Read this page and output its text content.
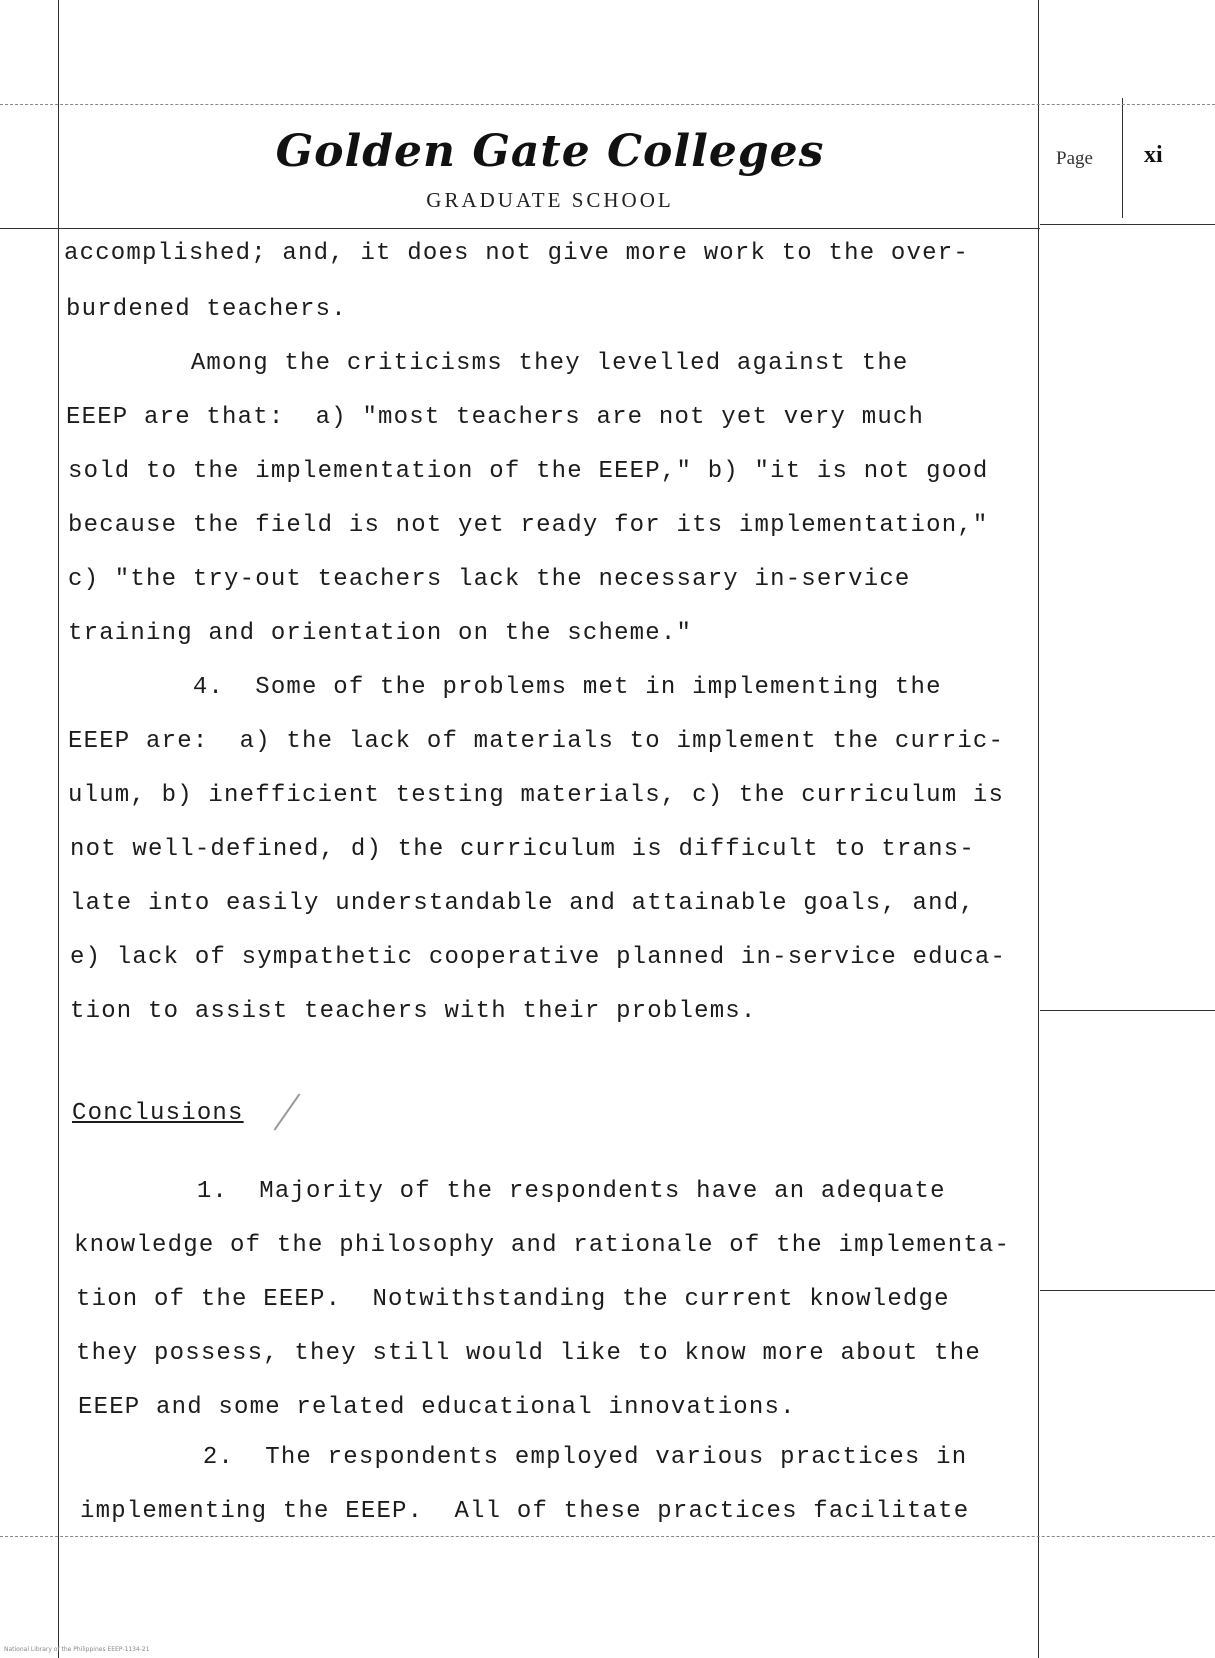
Golden Gate Colleges
GRADUATE SCHOOL
Page xi
accomplished; and, it does not give more work to the over-
burdened teachers.
Among the criticisms they levelled against the
EEEP are that:  a) "most teachers are not yet very much
sold to the implementation of the EEEP," b) "it is not good
because the field is not yet ready for its implementation,"
c) "the try-out teachers lack the necessary in-service
training and orientation on the scheme."
4.  Some of the problems met in implementing the
EEEP are:  a) the lack of materials to implement the curric-
ulum, b) inefficient testing materials, c) the curriculum is
not well-defined, d) the curriculum is difficult to trans-
late into easily understandable and attainable goals, and,
e) lack of sympathetic cooperative planned in-service educa-
tion to assist teachers with their problems.
Conclusions
1.  Majority of the respondents have an adequate
knowledge of the philosophy and rationale of the implementa-
tion of the EEEP.  Notwithstanding the current knowledge
they possess, they still would like to know more about the
EEEP and some related educational innovations.
2.  The respondents employed various practices in
implementing the EEEP.  All of these practices facilitate
National Library of the Philippines EEEP-1134-21
